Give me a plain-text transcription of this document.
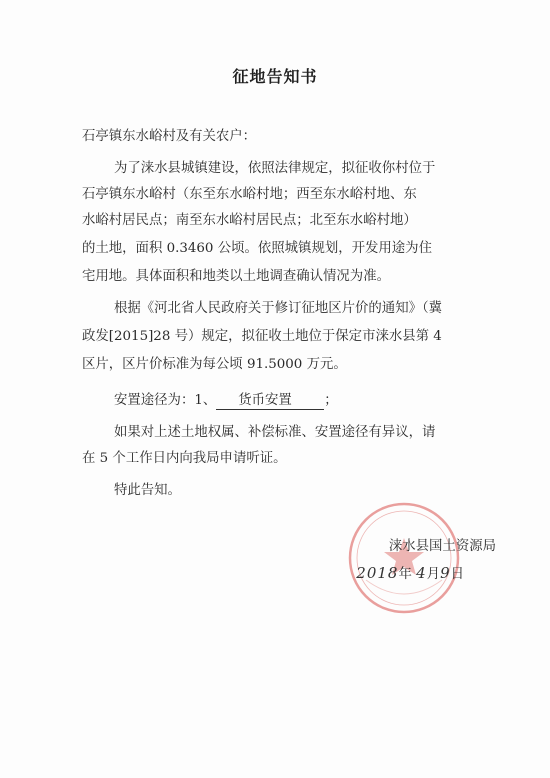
征地告知书
石亭镇东水峪村及有关农户：
为了涞水县城镇建设，依照法律规定，拟征收你村位于
石亭镇东水峪村（东至东水峪村地；西至东水峪村地、东
水峪村居民点；南至东水峪村居民点；北至东水峪村地）
的土地，面积 0.3460 公顷。依照城镇规划，开发用途为住
宅用地。具体面积和地类以土地调查确认情况为准。
根据《河北省人民政府关于修订征地区片价的通知》（冀
政发[2015]28 号）规定，拟征收土地位于保定市涞水县第 4
区片，区片价标准为每公顷 91.5000 万元。
安置途径为：1、 货币安置 ；
如果对上述土地权属、补偿标准、安置途径有异议，请
在 5 个工作日内向我局申请听证。
特此告知。
涞水县国土资源局
2018年 4月9日
